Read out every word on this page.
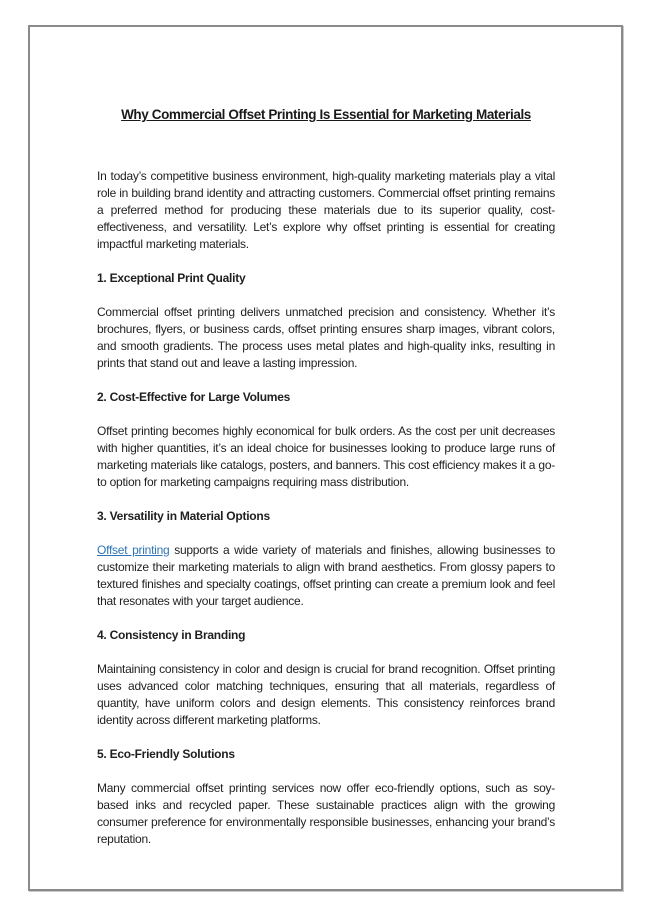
Why Commercial Offset Printing Is Essential for Marketing Materials

In today’s competitive business environment, high-quality marketing materials play a vital role in building brand identity and attracting customers. Commercial offset printing remains a preferred method for producing these materials due to its superior quality, cost-effectiveness, and versatility. Let’s explore why offset printing is essential for creating impactful marketing materials.

1. Exceptional Print Quality

Commercial offset printing delivers unmatched precision and consistency. Whether it’s brochures, flyers, or business cards, offset printing ensures sharp images, vibrant colors, and smooth gradients. The process uses metal plates and high-quality inks, resulting in prints that stand out and leave a lasting impression.

2. Cost-Effective for Large Volumes

Offset printing becomes highly economical for bulk orders. As the cost per unit decreases with higher quantities, it’s an ideal choice for businesses looking to produce large runs of marketing materials like catalogs, posters, and banners. This cost efficiency makes it a go-to option for marketing campaigns requiring mass distribution.

3. Versatility in Material Options

Offset printing supports a wide variety of materials and finishes, allowing businesses to customize their marketing materials to align with brand aesthetics. From glossy papers to textured finishes and specialty coatings, offset printing can create a premium look and feel that resonates with your target audience.

4. Consistency in Branding

Maintaining consistency in color and design is crucial for brand recognition. Offset printing uses advanced color matching techniques, ensuring that all materials, regardless of quantity, have uniform colors and design elements. This consistency reinforces brand identity across different marketing platforms.

5. Eco-Friendly Solutions

Many commercial offset printing services now offer eco-friendly options, such as soy-based inks and recycled paper. These sustainable practices align with the growing consumer preference for environmentally responsible businesses, enhancing your brand’s reputation.
